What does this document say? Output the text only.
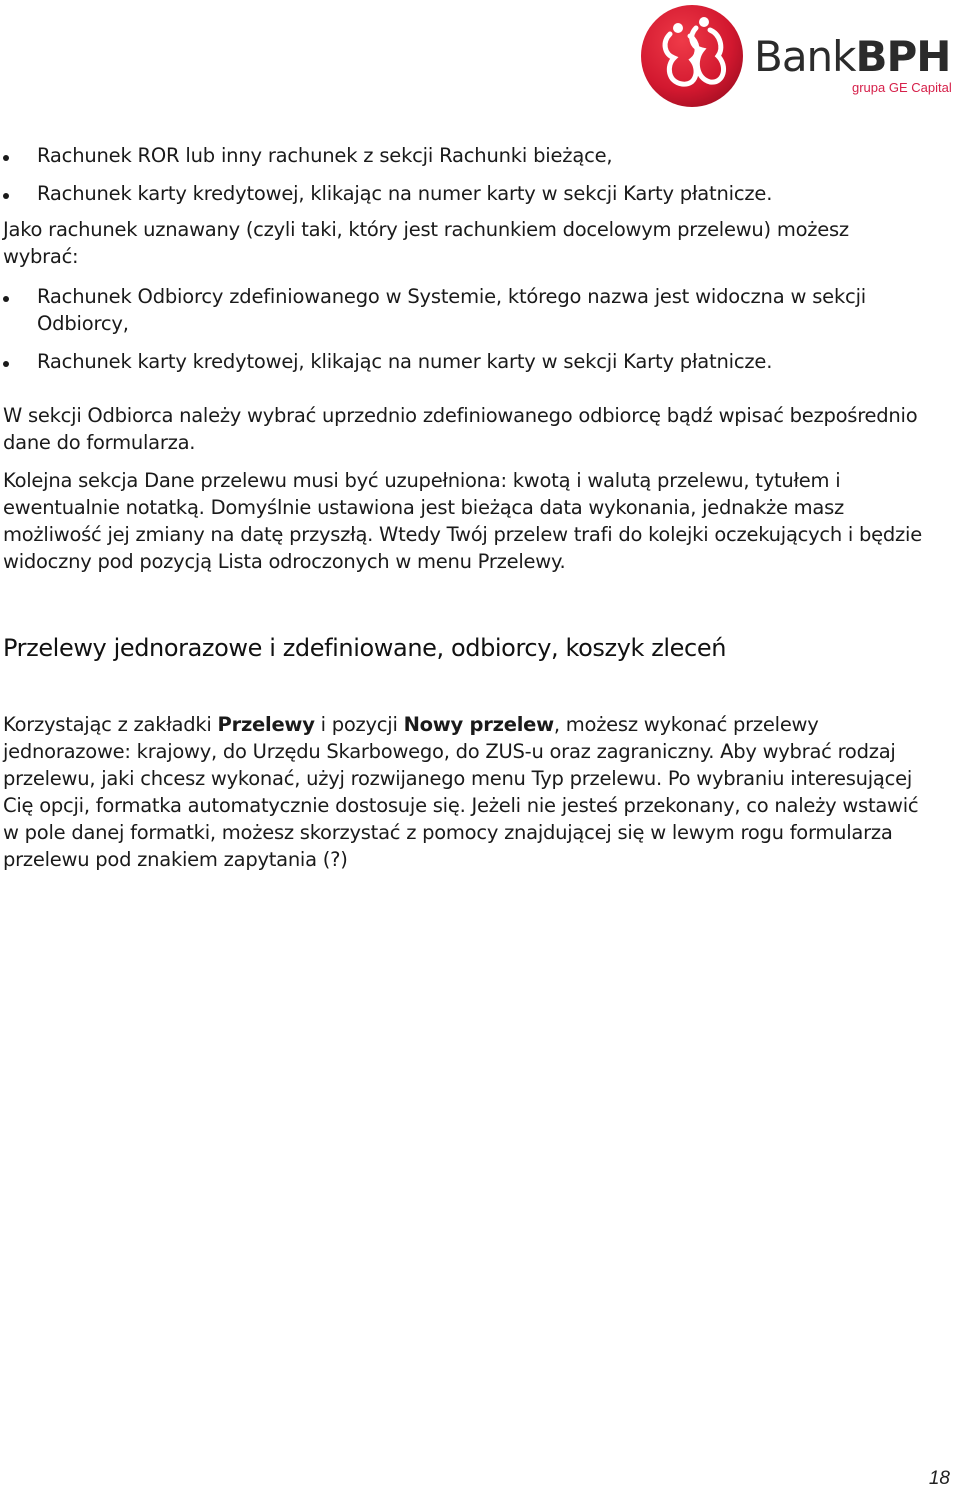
BankBPH
grupa GE Capital
Rachunek ROR lub inny rachunek z sekcji Rachunki bieżące,
Rachunek karty kredytowej, klikając na numer karty w sekcji Karty płatnicze.

Jako rachunek uznawany (czyli taki, który jest rachunkiem docelowym przelewu) możesz wybrać:

Rachunek Odbiorcy zdefiniowanego w Systemie, którego nazwa jest widoczna w sekcji Odbiorcy,
Rachunek karty kredytowej, klikając na numer karty w sekcji Karty płatnicze.

W sekcji Odbiorca należy wybrać uprzednio zdefiniowanego odbiorcę bądź wpisać bezpośrednio dane do formularza.

Kolejna sekcja Dane przelewu musi być uzupełniona: kwotą i walutą przelewu, tytułem i ewentualnie notatką. Domyślnie ustawiona jest bieżąca data wykonania, jednakże masz możliwość jej zmiany na datę przyszłą. Wtedy Twój przelew trafi do kolejki oczekujących i będzie widoczny pod pozycją Lista odroczonych w menu Przelewy.

Przelewy jednorazowe i zdefiniowane, odbiorcy, koszyk zleceń

Korzystając z zakładki Przelewy i pozycji Nowy przelew, możesz wykonać przelewy jednorazowe: krajowy, do Urzędu Skarbowego, do ZUS-u oraz zagraniczny. Aby wybrać rodzaj przelewu, jaki chcesz wykonać, użyj rozwijanego menu Typ przelewu. Po wybraniu interesującej Cię opcji, formatka automatycznie dostosuje się. Jeżeli nie jesteś przekonany, co należy wstawić w pole danej formatki, możesz skorzystać z pomocy znajdującej się w lewym rogu formularza przelewu pod znakiem zapytania (?)

18
